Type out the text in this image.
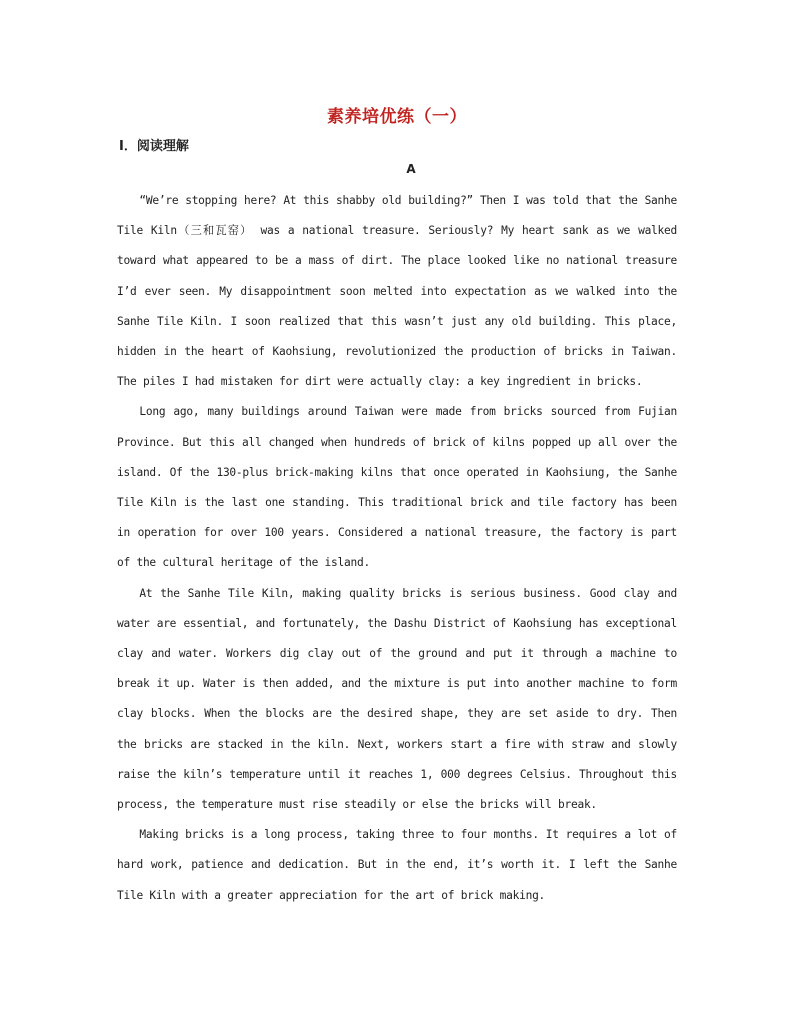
素养培优练（一）
Ⅰ．阅读理解
A

“We’re stopping here? At this shabby old building?” Then I was told that the Sanhe Tile Kiln（三和瓦窑） was a national treasure. Seriously? My heart sank as we walked toward what appeared to be a mass of dirt. The place looked like no national treasure I’d ever seen. My disappointment soon melted into expectation as we walked into the Sanhe Tile Kiln. I soon realized that this wasn’t just any old building. This place, hidden in the heart of Kaohsiung, revolutionized the production of bricks in Taiwan. The piles I had mistaken for dirt were actually clay: a key ingredient in bricks.

Long ago, many buildings around Taiwan were made from bricks sourced from Fujian Province. But this all changed when hundreds of brick of kilns popped up all over the island. Of the 130-plus brick-making kilns that once operated in Kaohsiung, the Sanhe Tile Kiln is the last one standing. This traditional brick and tile factory has been in operation for over 100 years. Considered a national treasure, the factory is part of the cultural heritage of the island.

At the Sanhe Tile Kiln, making quality bricks is serious business. Good clay and water are essential, and fortunately, the Dashu District of Kaohsiung has exceptional clay and water. Workers dig clay out of the ground and put it through a machine to break it up. Water is then added, and the mixture is put into another machine to form clay blocks. When the blocks are the desired shape, they are set aside to dry. Then the bricks are stacked in the kiln. Next, workers start a fire with straw and slowly raise the kiln’s temperature until it reaches 1, 000 degrees Celsius. Throughout this process, the temperature must rise steadily or else the bricks will break.

Making bricks is a long process, taking three to four months. It requires a lot of hard work, patience and dedication. But in the end, it’s worth it. I left the Sanhe Tile Kiln with a greater appreciation for the art of brick making.
